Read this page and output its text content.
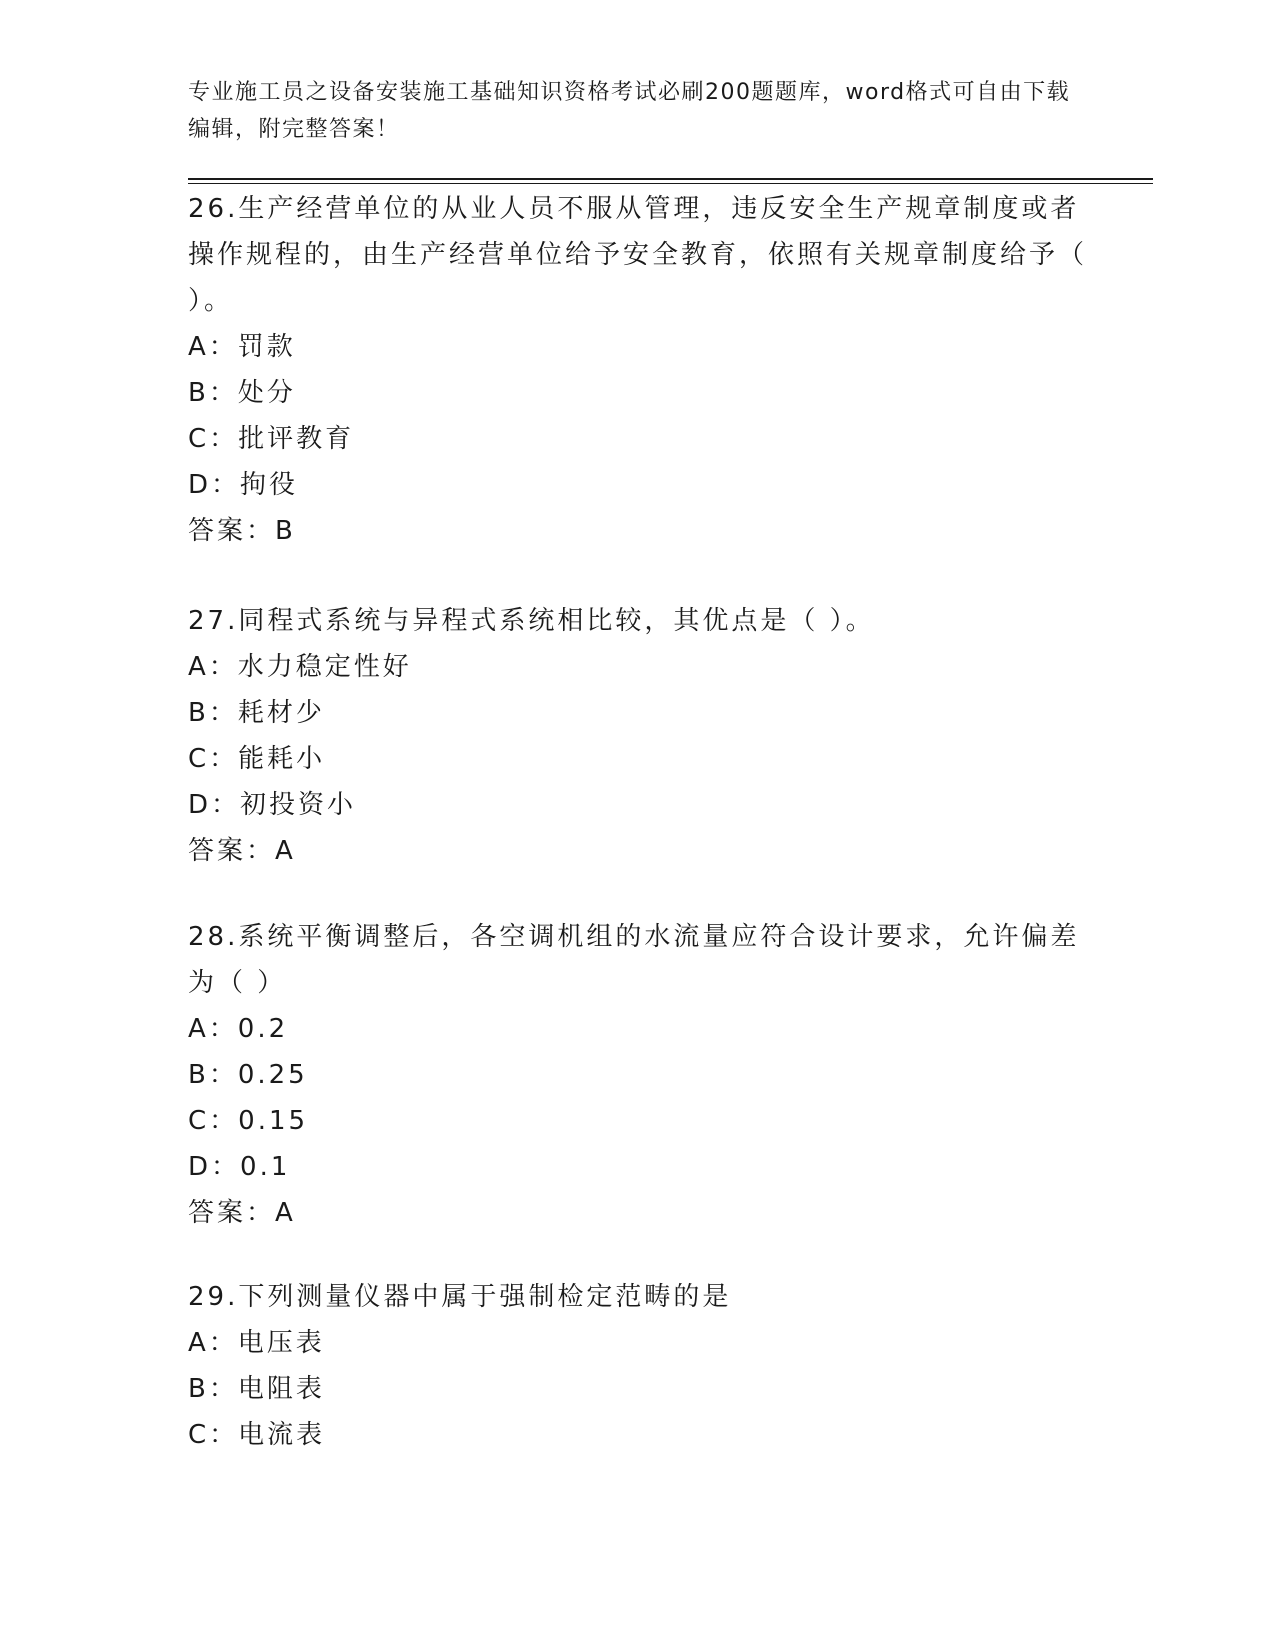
专业施工员之设备安装施工基础知识资格考试必刷200题题库，word格式可自由下载编辑，附完整答案！
26.生产经营单位的从业人员不服从管理，违反安全生产规章制度或者操作规程的，由生产经营单位给予安全教育，依照有关规章制度给予（ ）。
A：罚款
B：处分
C：批评教育
D：拘役
答案：B
27.同程式系统与异程式系统相比较，其优点是（ ）。
A：水力稳定性好
B：耗材少
C：能耗小
D：初投资小
答案：A
28.系统平衡调整后，各空调机组的水流量应符合设计要求，允许偏差为（ ）
A：0.2
B：0.25
C：0.15
D：0.1
答案：A
29.下列测量仪器中属于强制检定范畴的是
A：电压表
B：电阻表
C：电流表
